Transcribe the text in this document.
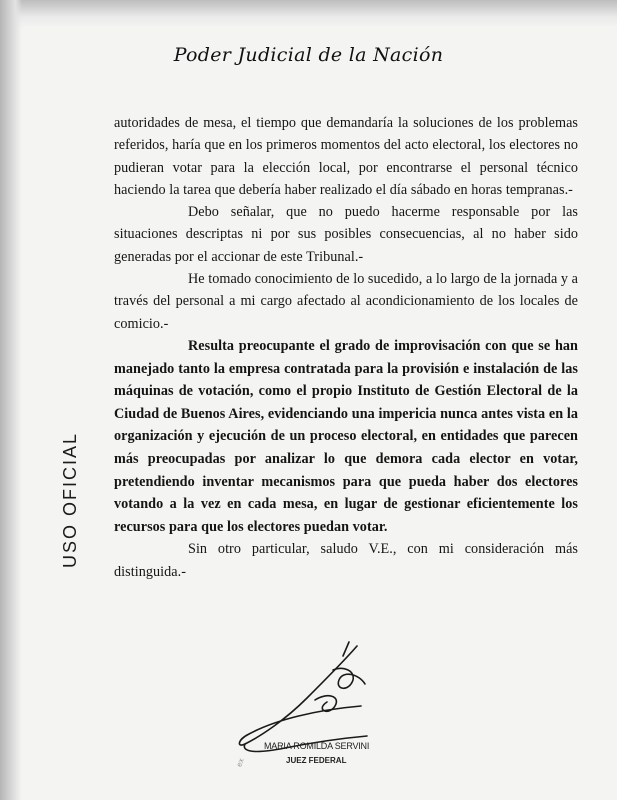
Poder Judicial de la Nación
USO OFICIAL

autoridades de mesa, el tiempo que demandaría la soluciones de los problemas referidos, haría que en los primeros momentos del acto electoral, los electores no pudieran votar para la elección local, por encontrarse el personal técnico haciendo la tarea que debería haber realizado el día sábado en horas tempranas.-

Debo señalar, que no puedo hacerme responsable por las situaciones descriptas ni por sus posibles consecuencias, al no haber sido generadas por el accionar de este Tribunal.-

He tomado conocimiento de lo sucedido, a lo largo de la jornada y a través del personal a mi cargo afectado al acondicionamiento de los locales de comicio.-

Resulta preocupante el grado de improvisación con que se han manejado tanto la empresa contratada para la provisión e instalación de las máquinas de votación, como el propio Instituto de Gestión Electoral de la Ciudad de Buenos Aires, evidenciando una impericia nunca antes vista en la organización y ejecución de un proceso electoral, en entidades que parecen más preocupadas por analizar lo que demora cada elector en votar, pretendiendo inventar mecanismos para que pueda haber dos electores votando a la vez en cada mesa, en lugar de gestionar eficientemente los recursos para que los electores puedan votar.

Sin otro particular, saludo V.E., con mi consideración más distinguida.-

MARIA ROMILDA SERVINI
JUEZ FEDERAL
ex
